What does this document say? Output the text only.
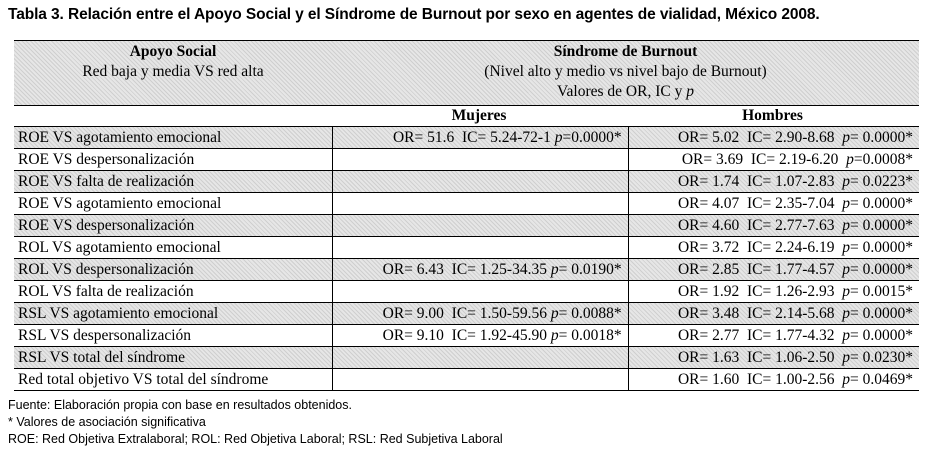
Tabla 3. Relación entre el Apoyo Social y el Síndrome de Burnout por sexo en agentes de vialidad, México 2008.
Apoyo Social
Red baja y media VS red alta	Síndrome de Burnout
(Nivel alto y medio vs nivel bajo de Burnout)
Valores de OR, IC y p	

	Mujeres	Hombres
ROE VS agotamiento emocional	OR= 51.6  IC= 5.24-72-1 p=0.0000*	OR= 5.02  IC= 2.90-8.68  p= 0.0000*
ROE VS despersonalización		OR= 3.69  IC= 2.19-6.20  p=0.0008*
ROE VS falta de realización		OR= 1.74  IC= 1.07-2.83  p= 0.0223*
ROE VS agotamiento emocional		OR= 4.07  IC= 2.35-7.04  p= 0.0000*
ROE VS despersonalización		OR= 4.60  IC= 2.77-7.63  p= 0.0000*
ROL VS agotamiento emocional		OR= 3.72  IC= 2.24-6.19  p= 0.0000*
ROL VS despersonalización	OR= 6.43  IC= 1.25-34.35 p= 0.0190*	OR= 2.85  IC= 1.77-4.57  p= 0.0000*
ROL VS falta de realización		OR= 1.92  IC= 1.26-2.93  p= 0.0015*
RSL VS agotamiento emocional	OR= 9.00  IC= 1.50-59.56 p= 0.0088*	OR= 3.48  IC= 2.14-5.68  p= 0.0000*
RSL VS despersonalización	OR= 9.10  IC= 1.92-45.90 p= 0.0018*	OR= 2.77  IC= 1.77-4.32  p= 0.0000*
RSL VS total del síndrome		OR= 1.63  IC= 1.06-2.50  p= 0.0230*
Red total objetivo VS total del síndrome		OR= 1.60  IC= 1.00-2.56  p= 0.0469*
Fuente: Elaboración propia con base en resultados obtenidos.
* Valores de asociación significativa
ROE: Red Objetiva Extralaboral; ROL: Red Objetiva Laboral; RSL: Red Subjetiva Laboral
